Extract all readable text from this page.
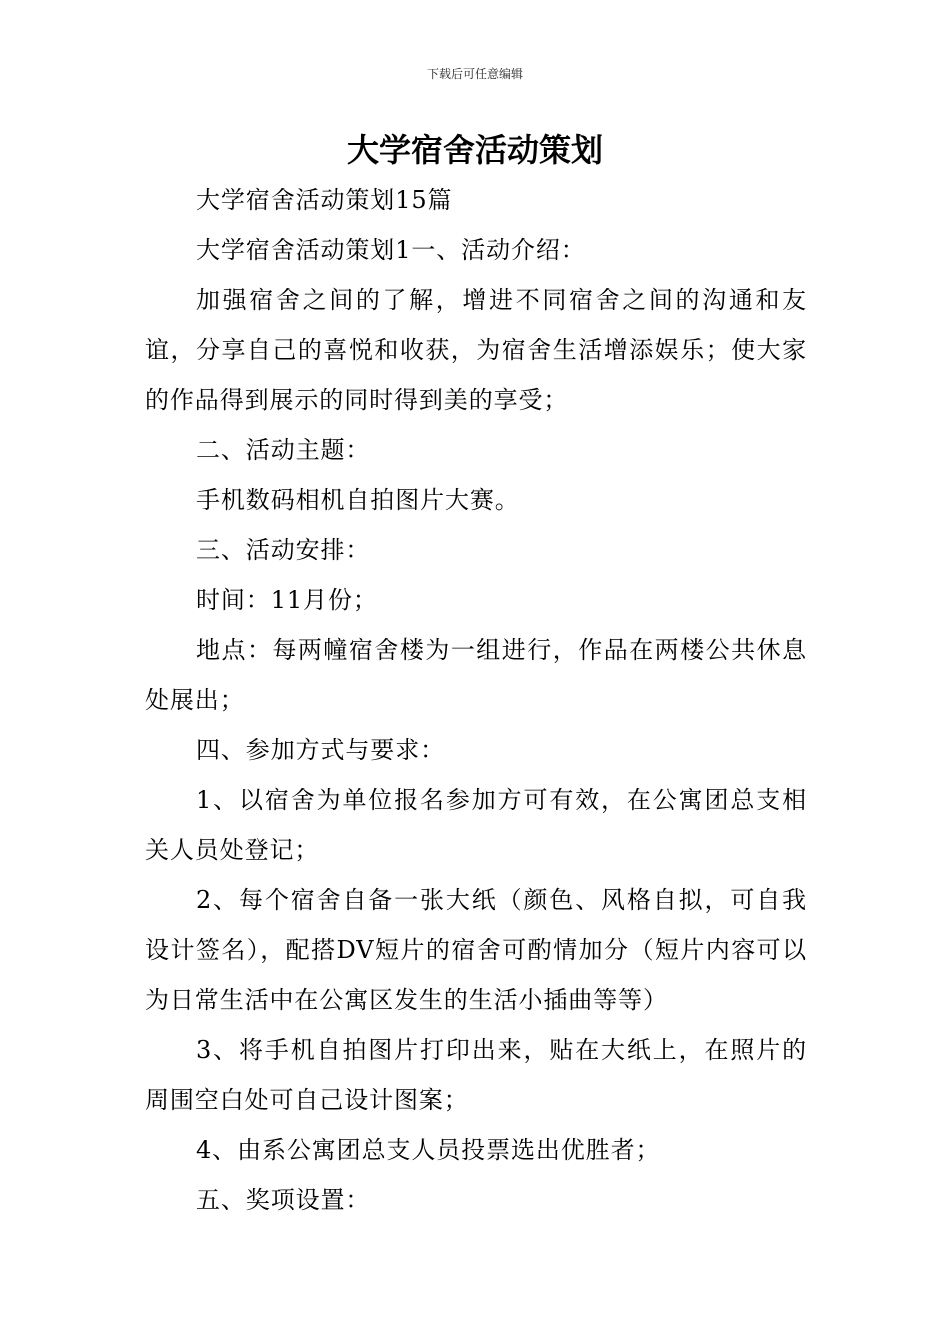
下载后可任意编辑
大学宿舍活动策划

大学宿舍活动策划15篇

大学宿舍活动策划1一、活动介绍：

加强宿舍之间的了解，增进不同宿舍之间的沟通和友谊，分享自己的喜悦和收获，为宿舍生活增添娱乐；使大家的作品得到展示的同时得到美的享受；

二、活动主题：

手机数码相机自拍图片大赛。

三、活动安排：

时间：11月份；

地点：每两幢宿舍楼为一组进行，作品在两楼公共休息处展出；

四、参加方式与要求：

1、以宿舍为单位报名参加方可有效，在公寓团总支相关人员处登记；

2、每个宿舍自备一张大纸（颜色、风格自拟，可自我设计签名），配搭DV短片的宿舍可酌情加分（短片内容可以为日常生活中在公寓区发生的生活小插曲等等）

3、将手机自拍图片打印出来，贴在大纸上，在照片的周围空白处可自己设计图案；

4、由系公寓团总支人员投票选出优胜者；

五、奖项设置：
